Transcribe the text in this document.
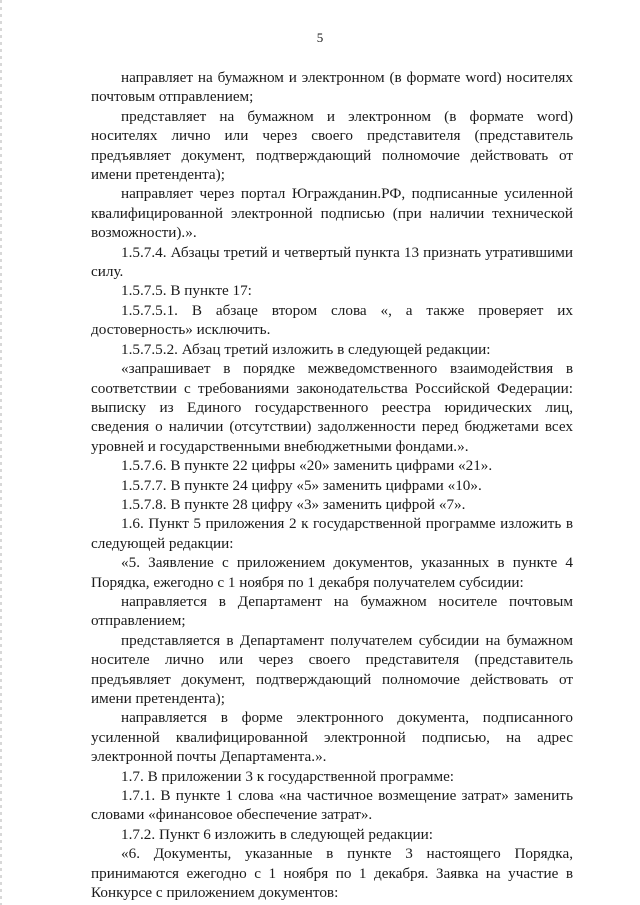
5

направляет на бумажном и электронном (в формате word) носителях почтовым отправлением;

представляет на бумажном и электронном (в формате word) носителях лично или через своего представителя (представитель предъявляет документ, подтверждающий полномочие действовать от имени претендента);

направляет через портал Югражданин.РФ, подписанные усиленной квалифицированной электронной подписью (при наличии технической возможности).».

1.5.7.4. Абзацы третий и четвертый пункта 13 признать утратившими силу.

1.5.7.5. В пункте 17:

1.5.7.5.1. В абзаце втором слова «, а также проверяет их достоверность» исключить.

1.5.7.5.2. Абзац третий изложить в следующей редакции:

«запрашивает в порядке межведомственного взаимодействия в соответствии с требованиями законодательства Российской Федерации: выписку из Единого государственного реестра юридических лиц, сведения о наличии (отсутствии) задолженности перед бюджетами всех уровней и государственными внебюджетными фондами.».

1.5.7.6. В пункте 22 цифры «20» заменить цифрами «21».

1.5.7.7. В пункте 24 цифру «5» заменить цифрами «10».

1.5.7.8. В пункте 28 цифру «3» заменить цифрой «7».

1.6. Пункт 5 приложения 2 к государственной программе изложить в следующей редакции:

«5. Заявление с приложением документов, указанных в пункте 4 Порядка, ежегодно с 1 ноября по 1 декабря получателем субсидии:

направляется в Департамент на бумажном носителе почтовым отправлением;

представляется в Департамент получателем субсидии на бумажном носителе лично или через своего представителя (представитель предъявляет документ, подтверждающий полномочие действовать от имени претендента);

направляется в форме электронного документа, подписанного усиленной квалифицированной электронной подписью, на адрес электронной почты Департамента.».

1.7. В приложении 3 к государственной программе:

1.7.1. В пункте 1 слова «на частичное возмещение затрат» заменить словами «финансовое обеспечение затрат».

1.7.2. Пункт 6 изложить в следующей редакции:

«6. Документы, указанные в пункте 3 настоящего Порядка, принимаются ежегодно с 1 ноября по 1 декабря. Заявка на участие в Конкурсе с приложением документов:
